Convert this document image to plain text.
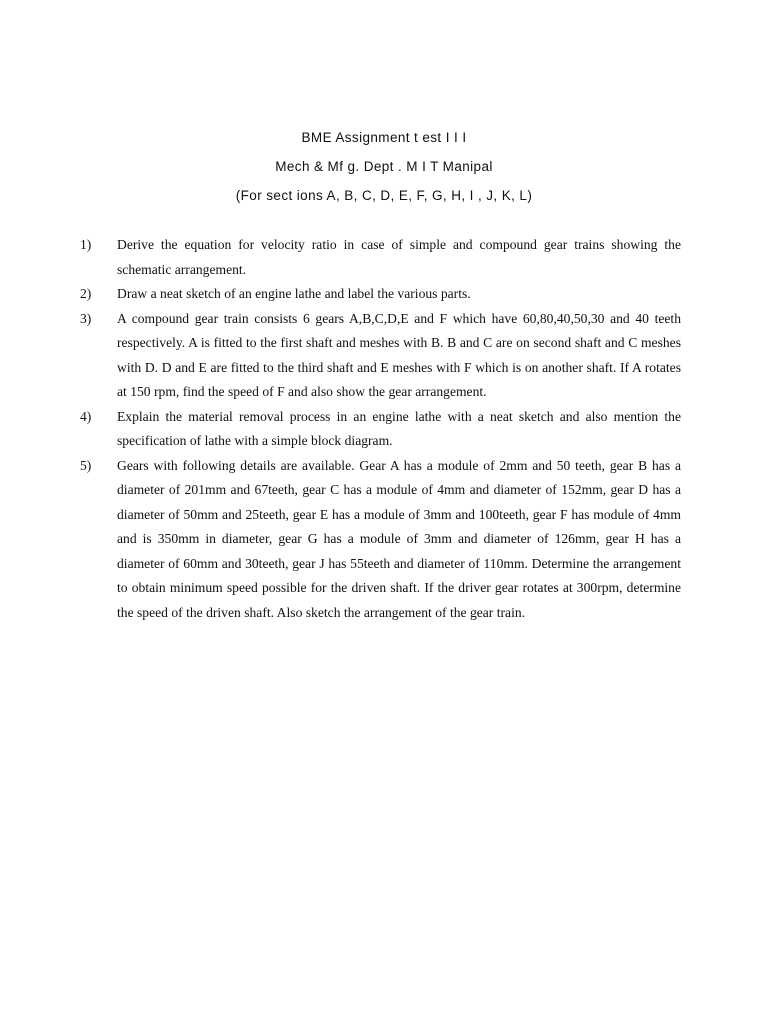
BME Assignment t est I I I
Mech & Mf g. Dept . M I T Manipal
(For sect ions A, B, C, D, E, F, G, H, I , J, K, L)
1) Derive the equation for velocity ratio in case of simple and compound gear trains showing the schematic arrangement.
2) Draw a neat sketch of an engine lathe and label the various parts.
3) A compound gear train consists 6 gears A,B,C,D,E and F which have 60,80,40,50,30 and 40 teeth respectively. A is fitted to the first shaft and meshes with B. B and C are on second shaft and C meshes with D. D and E are fitted to the third shaft and E meshes with F which is on another shaft. If A rotates at 150 rpm, find the speed of F and also show the gear arrangement.
4) Explain the material removal process in an engine lathe with a neat sketch and also mention the specification of lathe with a simple block diagram.
5) Gears with following details are available. Gear A has a module of 2mm and 50 teeth, gear B has a diameter of 201mm and 67teeth, gear C has a module of 4mm and diameter of 152mm, gear D has a diameter of 50mm and 25teeth, gear E has a module of 3mm and 100teeth, gear F has module of 4mm and is 350mm in diameter, gear G has a module of 3mm and diameter of 126mm, gear H has a diameter of 60mm and 30teeth, gear J has 55teeth and diameter of 110mm. Determine the arrangement to obtain minimum speed possible for the driven shaft. If the driver gear rotates at 300rpm, determine the speed of the driven shaft. Also sketch the arrangement of the gear train.
